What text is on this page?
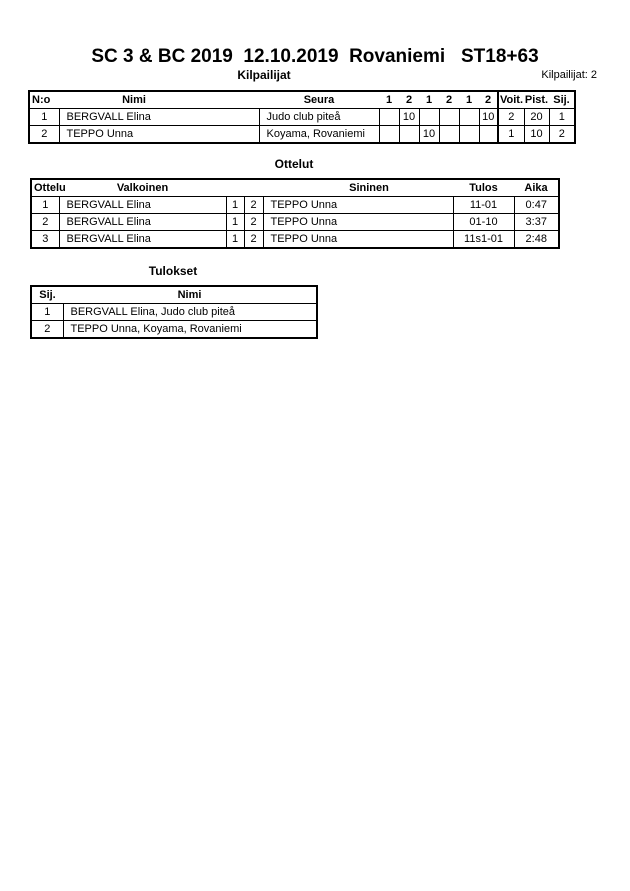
SC 3 & BC 2019  12.10.2019  Rovaniemi   ST18+63
Kilpailijat	Kilpailijat: 2
N:o	Nimi	Seura	1	2	1	2	1	2	Voit.	Pist.	Sij.
1	BERGVALL Elina	Judo club piteå		10				10	2	20	1
2	TEPPO Unna	Koyama, Rovaniemi			10				1	10	2
Ottelut
Ottelu	Valkoinen			Sininen	Tulos	Aika
1	BERGVALL Elina	1	2	TEPPO Unna	11-01	0:47
2	BERGVALL Elina	1	2	TEPPO Unna	01-10	3:37
3	BERGVALL Elina	1	2	TEPPO Unna	11s1-01	2:48
Tulokset
Sij.	Nimi
1	BERGVALL Elina, Judo club piteå
2	TEPPO Unna, Koyama, Rovaniemi
